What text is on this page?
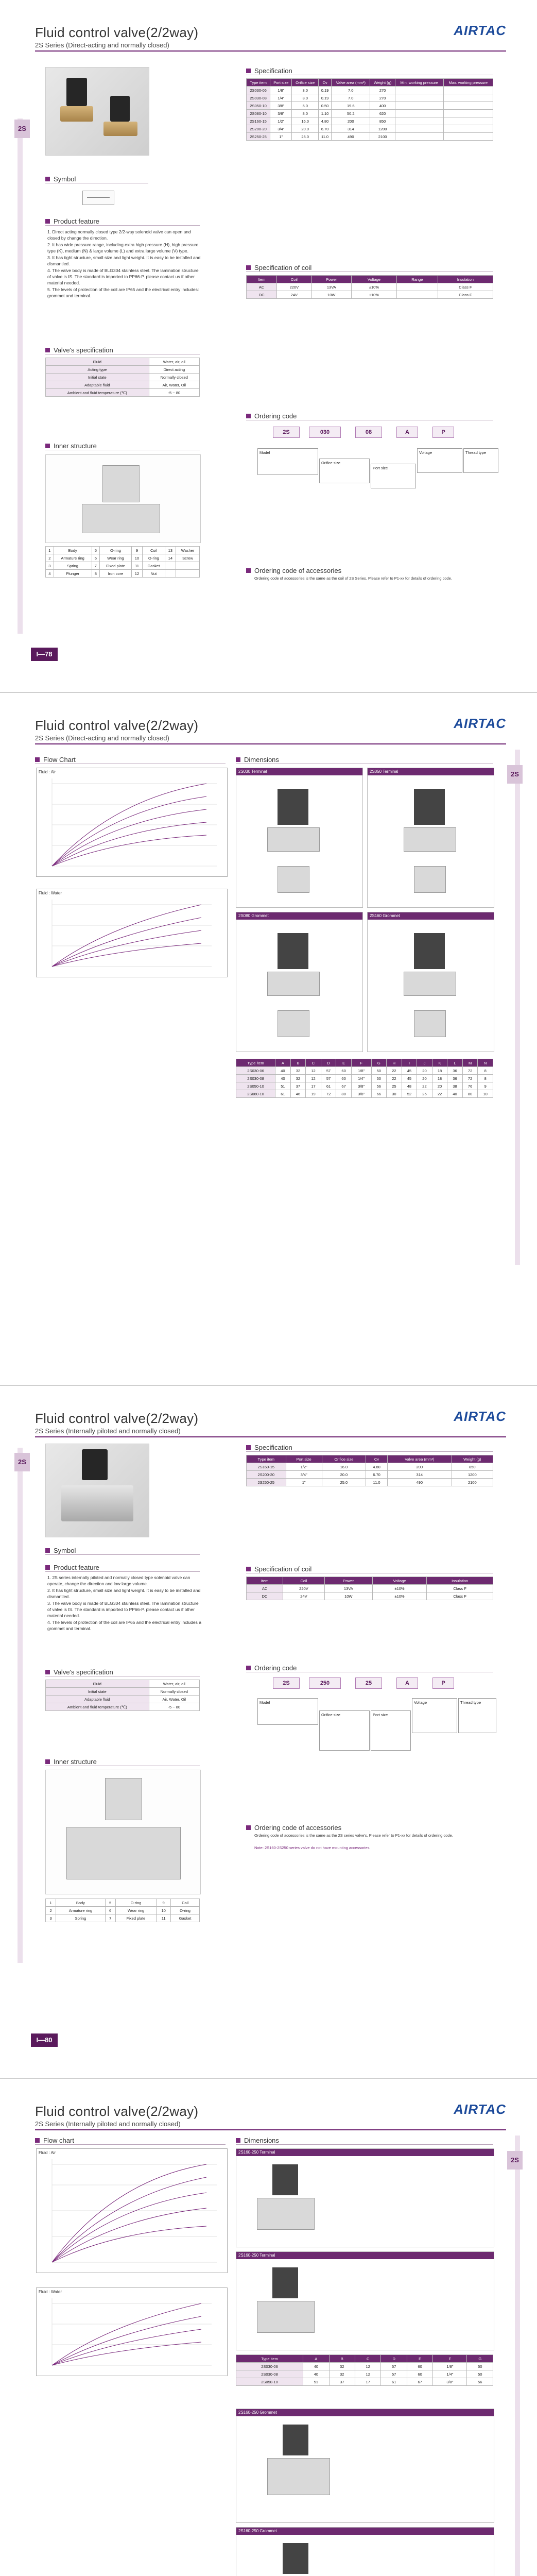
Fluid control valve(2/2way)
2S Series (Direct-acting and normally closed)
AIRTAC
2S
Symbol
Product feature
1. Direct acting normally closed type 2/2-way solenoid valve can open and closed by change the direction.
2. It has wide pressure range, including extra high pressure (H), high pressure type (K), medium (N) & large volume (L) and extra large volume (V) type.
3. It has tight structure, small size and light weight. It is easy to be installed and dismantled.
4. The valve body is made of BLG304 stainless steel. The lamination structure of valve is IS. The standard is imported to PP66-P. please contact us if other material needed.
5. The levels of protection of the coil are IP65 and the electrical entry includes: grommet and terminal.
Valve's specification
Fluid	Water, air, oil
Acting type	Direct acting
Initial state	Normally closed
Adaptable fluid	Air, Water, Oil
Ambient and fluid temperature (℃)	-5 ~ 80
Inner structure
1	Body	5	O-ring	9	Coil	13	Washer
2	Armature ring	6	Wear ring	10	O-ring	14	Screw
3	Spring	7	Fixed plate	11	Gasket		
4	Plunger	8	Iron core	12	Nut		
Specification
Type item	Port size	Orifice size	Cv	Valve area (mm²)	Weight (g)	Min. working pressure	Max. working pressure
2S030-06	1/8"	3.0	0.19	7.0	270		
2S030-08	1/4"	3.0	0.19	7.0	270		
2S050-10	3/8"	5.0	0.50	19.6	400		
2S080-10	3/8"	8.0	1.10	50.2	620		
2S160-15	1/2"	16.0	4.80	200	850		
2S200-20	3/4"	20.0	6.70	314	1200		
2S250-25	1"	25.0	11.0	490	2100		
Specification of coil
Item	Coil	Power	Voltage	Range	Insulation
AC	220V	13VA	±10%		Class F
DC	24V	10W	±10%		Class F
Ordering code
2S	030	08	A	P
Model
Orifice size
Port size
Voltage	Thread type
Ordering code of accessories
Ordering code of accessories is the same as the coil of 2S Series. Please refer to P1-xx for details of ordering code.
I—78
Fluid control valve(2/2way)
2S Series (Direct-acting and normally closed)
AIRTAC
2S
Flow Chart
Fluid : Air
Fluid : Water
Dimensions
2S030 Terminal	2S050 Terminal
2S080 Grommet	2S160 Grommet
Type item	A	B	C	D	E	F	G	H	I	J	K	L	M	N
2S030-06	40	32	12	57	60	1/8"	50	22	45	20	18	36	72	8
2S030-08	40	32	12	57	60	1/4"	50	22	45	20	18	36	72	8
2S050-10	51	37	17	61	67	3/8"	56	25	48	22	20	38	76	9
2S080-10	61	46	19	72	80	3/8"	66	30	52	25	22	40	80	10
Fluid control valve(2/2way)
2S Series (Internally piloted and normally closed)
AIRTAC
2S
Symbol
Product feature
1. 2S series internally piloted and normally closed type solenoid valve can operate, change the direction and low large volume.
2. It has tight structure, small size and light weight. It is easy to be installed and dismantled.
3. The valve body is made of BLG304 stainless steel. The lamination structure of valve is IS. The standard is imported to PP66-P. please contact us if other material needed.
4. The levels of protection of the coil are IP65 and the electrical entry includes a grommet and terminal.
Valve's specification
Fluid	Water, air, oil
Initial state	Normally closed
Adaptable fluid	Air, Water, Oil
Ambient and fluid temperature (℃)	-5 ~ 80
Inner structure
1	Body	5	O-ring	9	Coil
2	Armature ring	6	Wear ring	10	O-ring
3	Spring	7	Fixed plate	11	Gasket
Specification
Type item	Port size	Orifice size	Cv	Valve area (mm²)	Weight (g)
2S160-15	1/2"	16.0	4.80	200	850
2S200-20	3/4"	20.0	6.70	314	1200
2S250-25	1"	25.0	11.0	490	2100
Specification of coil
Item	Coil	Power	Voltage	Insulation
AC	220V	13VA	±10%	Class F
DC	24V	10W	±10%	Class F
Ordering code
2S	250	25	A	P
Model
Orifice size	Port size
Voltage	Thread type
Ordering code of accessories
Ordering code of accessories is the same as the 2S series valve's. Please refer to P1-xx for details of ordering code.
Note: 2S160-2S250 series valve do not have mounting accessories.
I—80
Fluid control valve(2/2way)
2S Series (Internally piloted and normally closed)
AIRTAC
2S
Flow chart
Fluid : Air
Fluid : Water
Dimensions
2S160-250 Terminal
2S160-250 Terminal
Type item	A	B	C	D	E	F	G
2S030-06	40	32	12	57	60	1/8"	50
2S030-08	40	32	12	57	60	1/4"	50
2S050-10	51	37	17	61	67	3/8"	56
2S160-250 Grommet
2S160-250 Grommet
